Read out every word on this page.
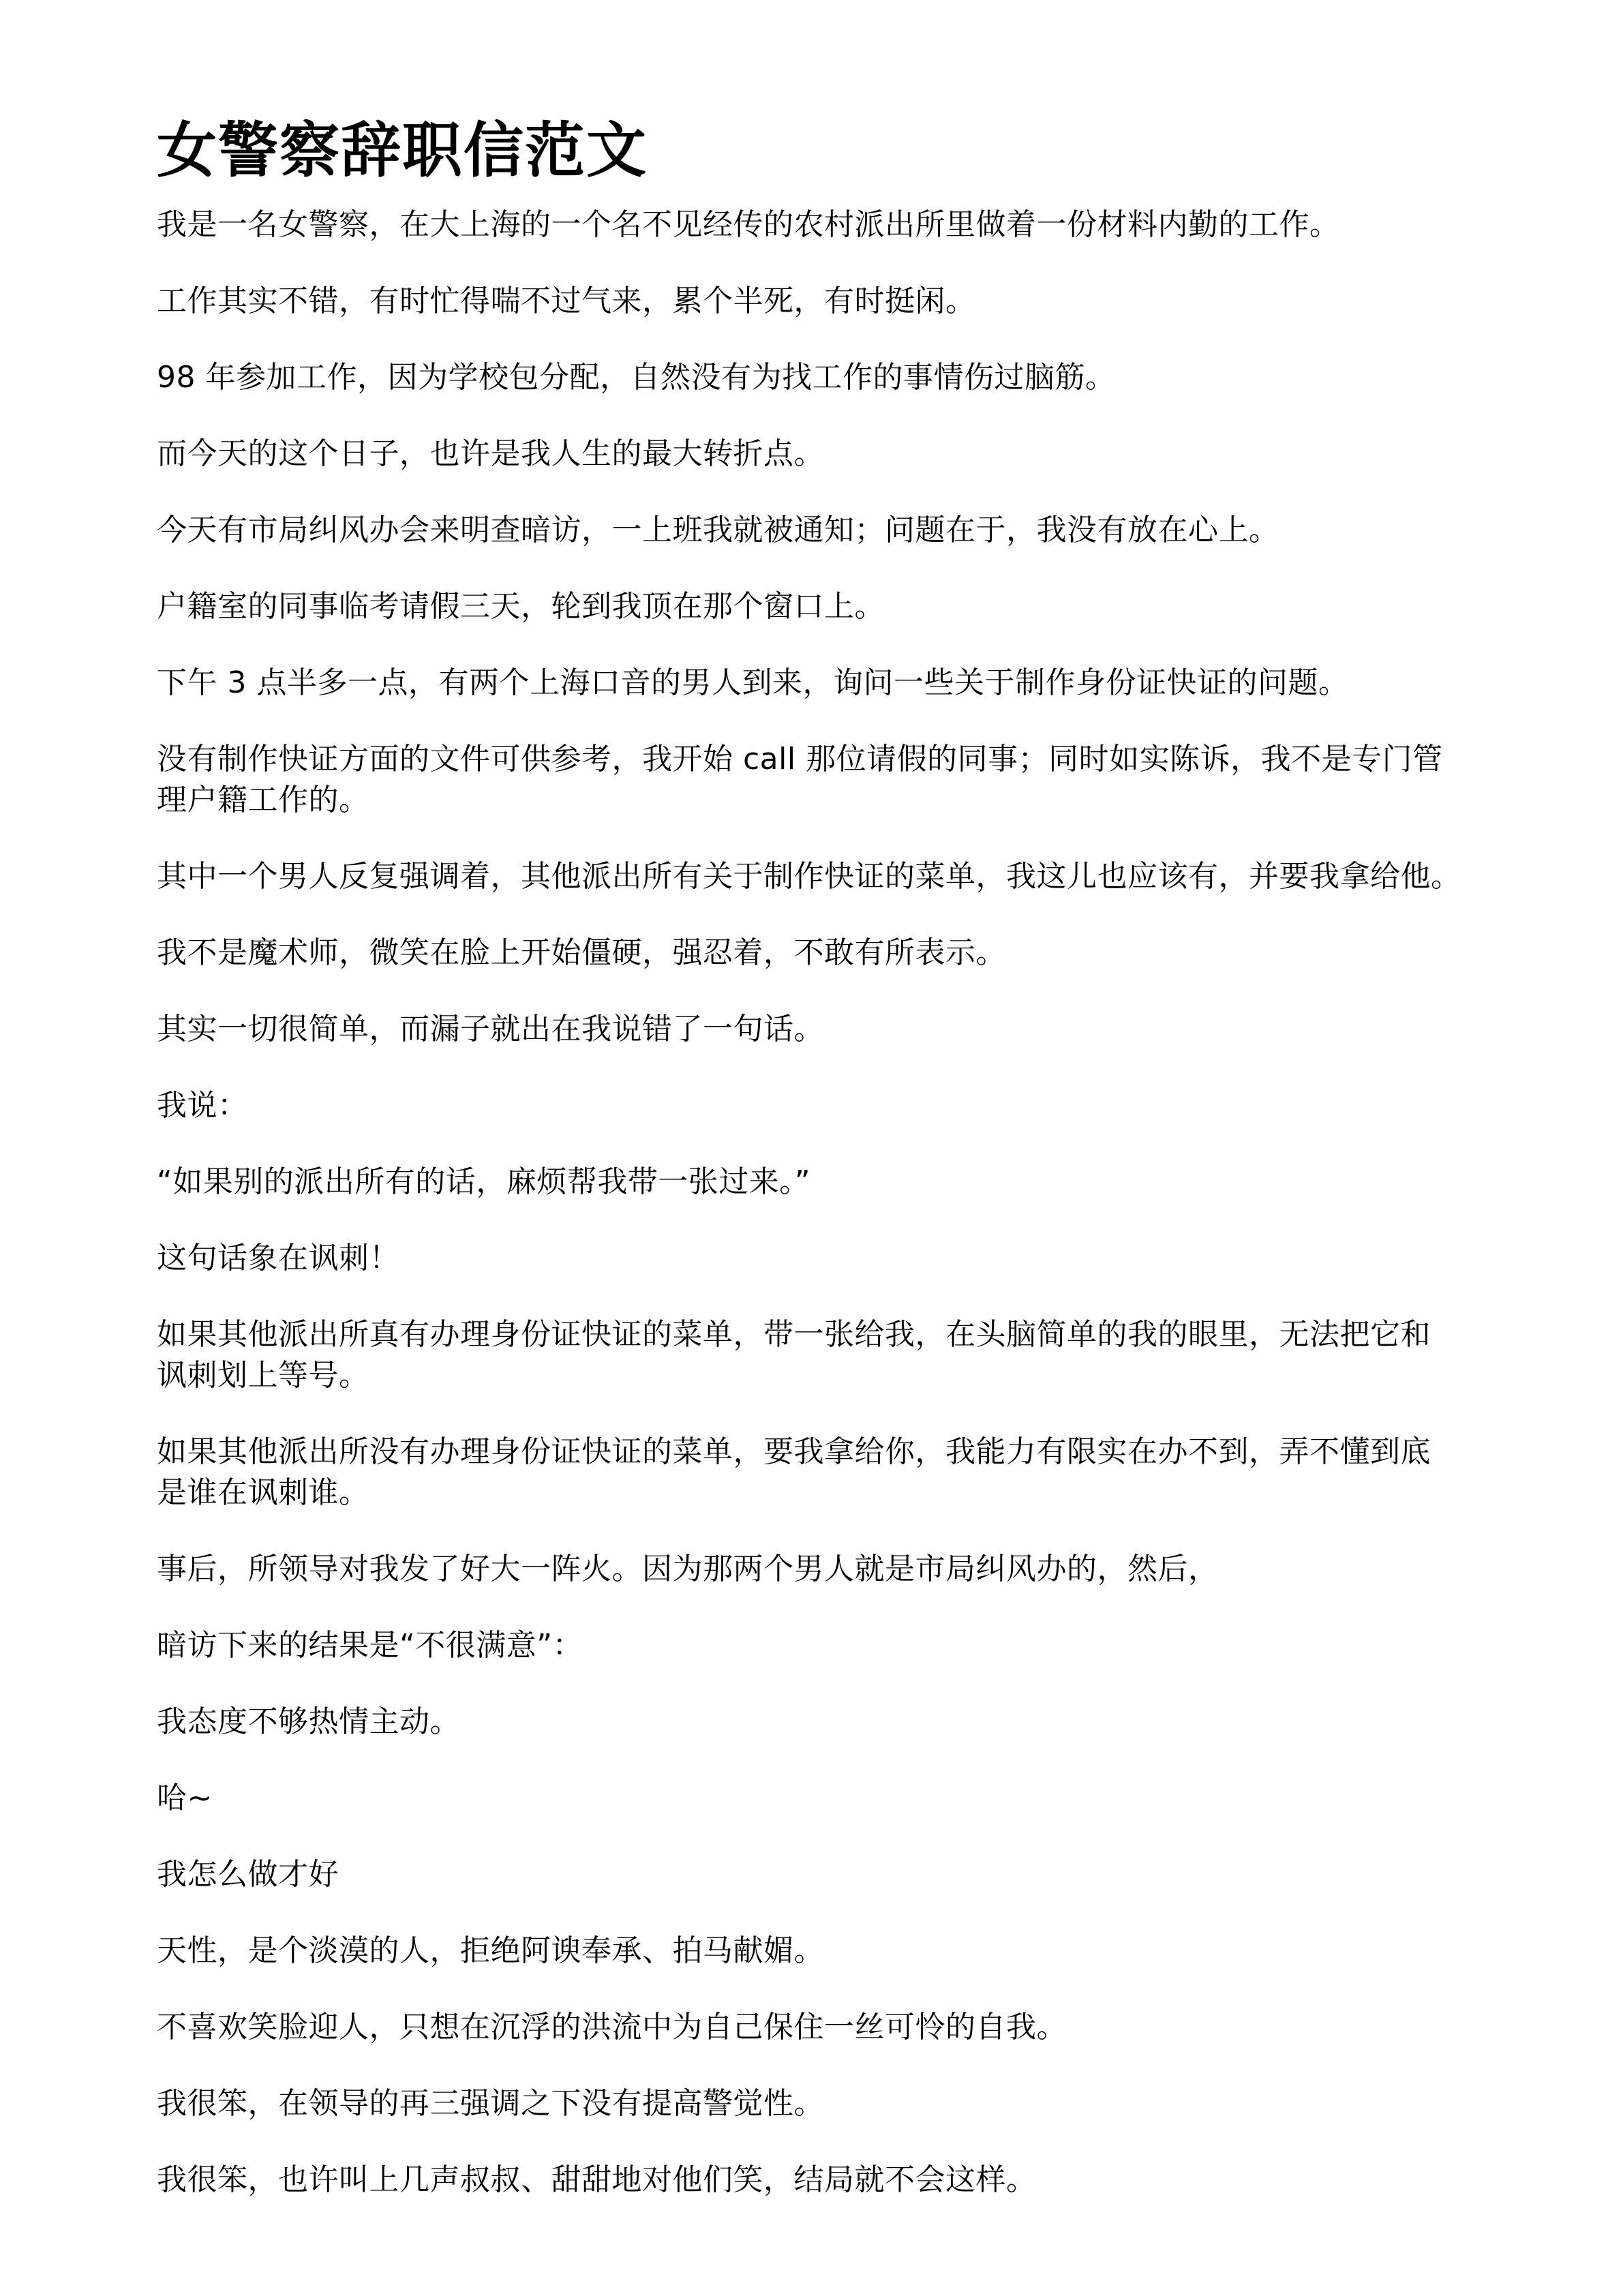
女警察辞职信范文

我是一名女警察，在大上海的一个名不见经传的农村派出所里做着一份材料内勤的工作。

工作其实不错，有时忙得喘不过气来，累个半死，有时挺闲。

98 年参加工作，因为学校包分配，自然没有为找工作的事情伤过脑筋。

而今天的这个日子，也许是我人生的最大转折点。

今天有市局纠风办会来明查暗访，一上班我就被通知；问题在于，我没有放在心上。

户籍室的同事临考请假三天，轮到我顶在那个窗口上。

下午 3 点半多一点，有两个上海口音的男人到来，询问一些关于制作身份证快证的问题。

没有制作快证方面的文件可供参考，我开始 call 那位请假的同事；同时如实陈诉，我不是专门管
理户籍工作的。

其中一个男人反复强调着，其他派出所有关于制作快证的菜单，我这儿也应该有，并要我拿给他。

我不是魔术师，微笑在脸上开始僵硬，强忍着，不敢有所表示。

其实一切很简单，而漏子就出在我说错了一句话。

我说：

“如果别的派出所有的话，麻烦帮我带一张过来。”

这句话象在讽刺！

如果其他派出所真有办理身份证快证的菜单，带一张给我，在头脑简单的我的眼里，无法把它和
讽刺划上等号。

如果其他派出所没有办理身份证快证的菜单，要我拿给你，我能力有限实在办不到，弄不懂到底
是谁在讽刺谁。

事后，所领导对我发了好大一阵火。因为那两个男人就是市局纠风办的，然后，

暗访下来的结果是“不很满意”：

我态度不够热情主动。

哈~

我怎么做才好

天性，是个淡漠的人，拒绝阿谀奉承、拍马献媚。

不喜欢笑脸迎人，只想在沉浮的洪流中为自己保住一丝可怜的自我。

我很笨，在领导的再三强调之下没有提高警觉性。

我很笨，也许叫上几声叔叔、甜甜地对他们笑，结局就不会这样。
